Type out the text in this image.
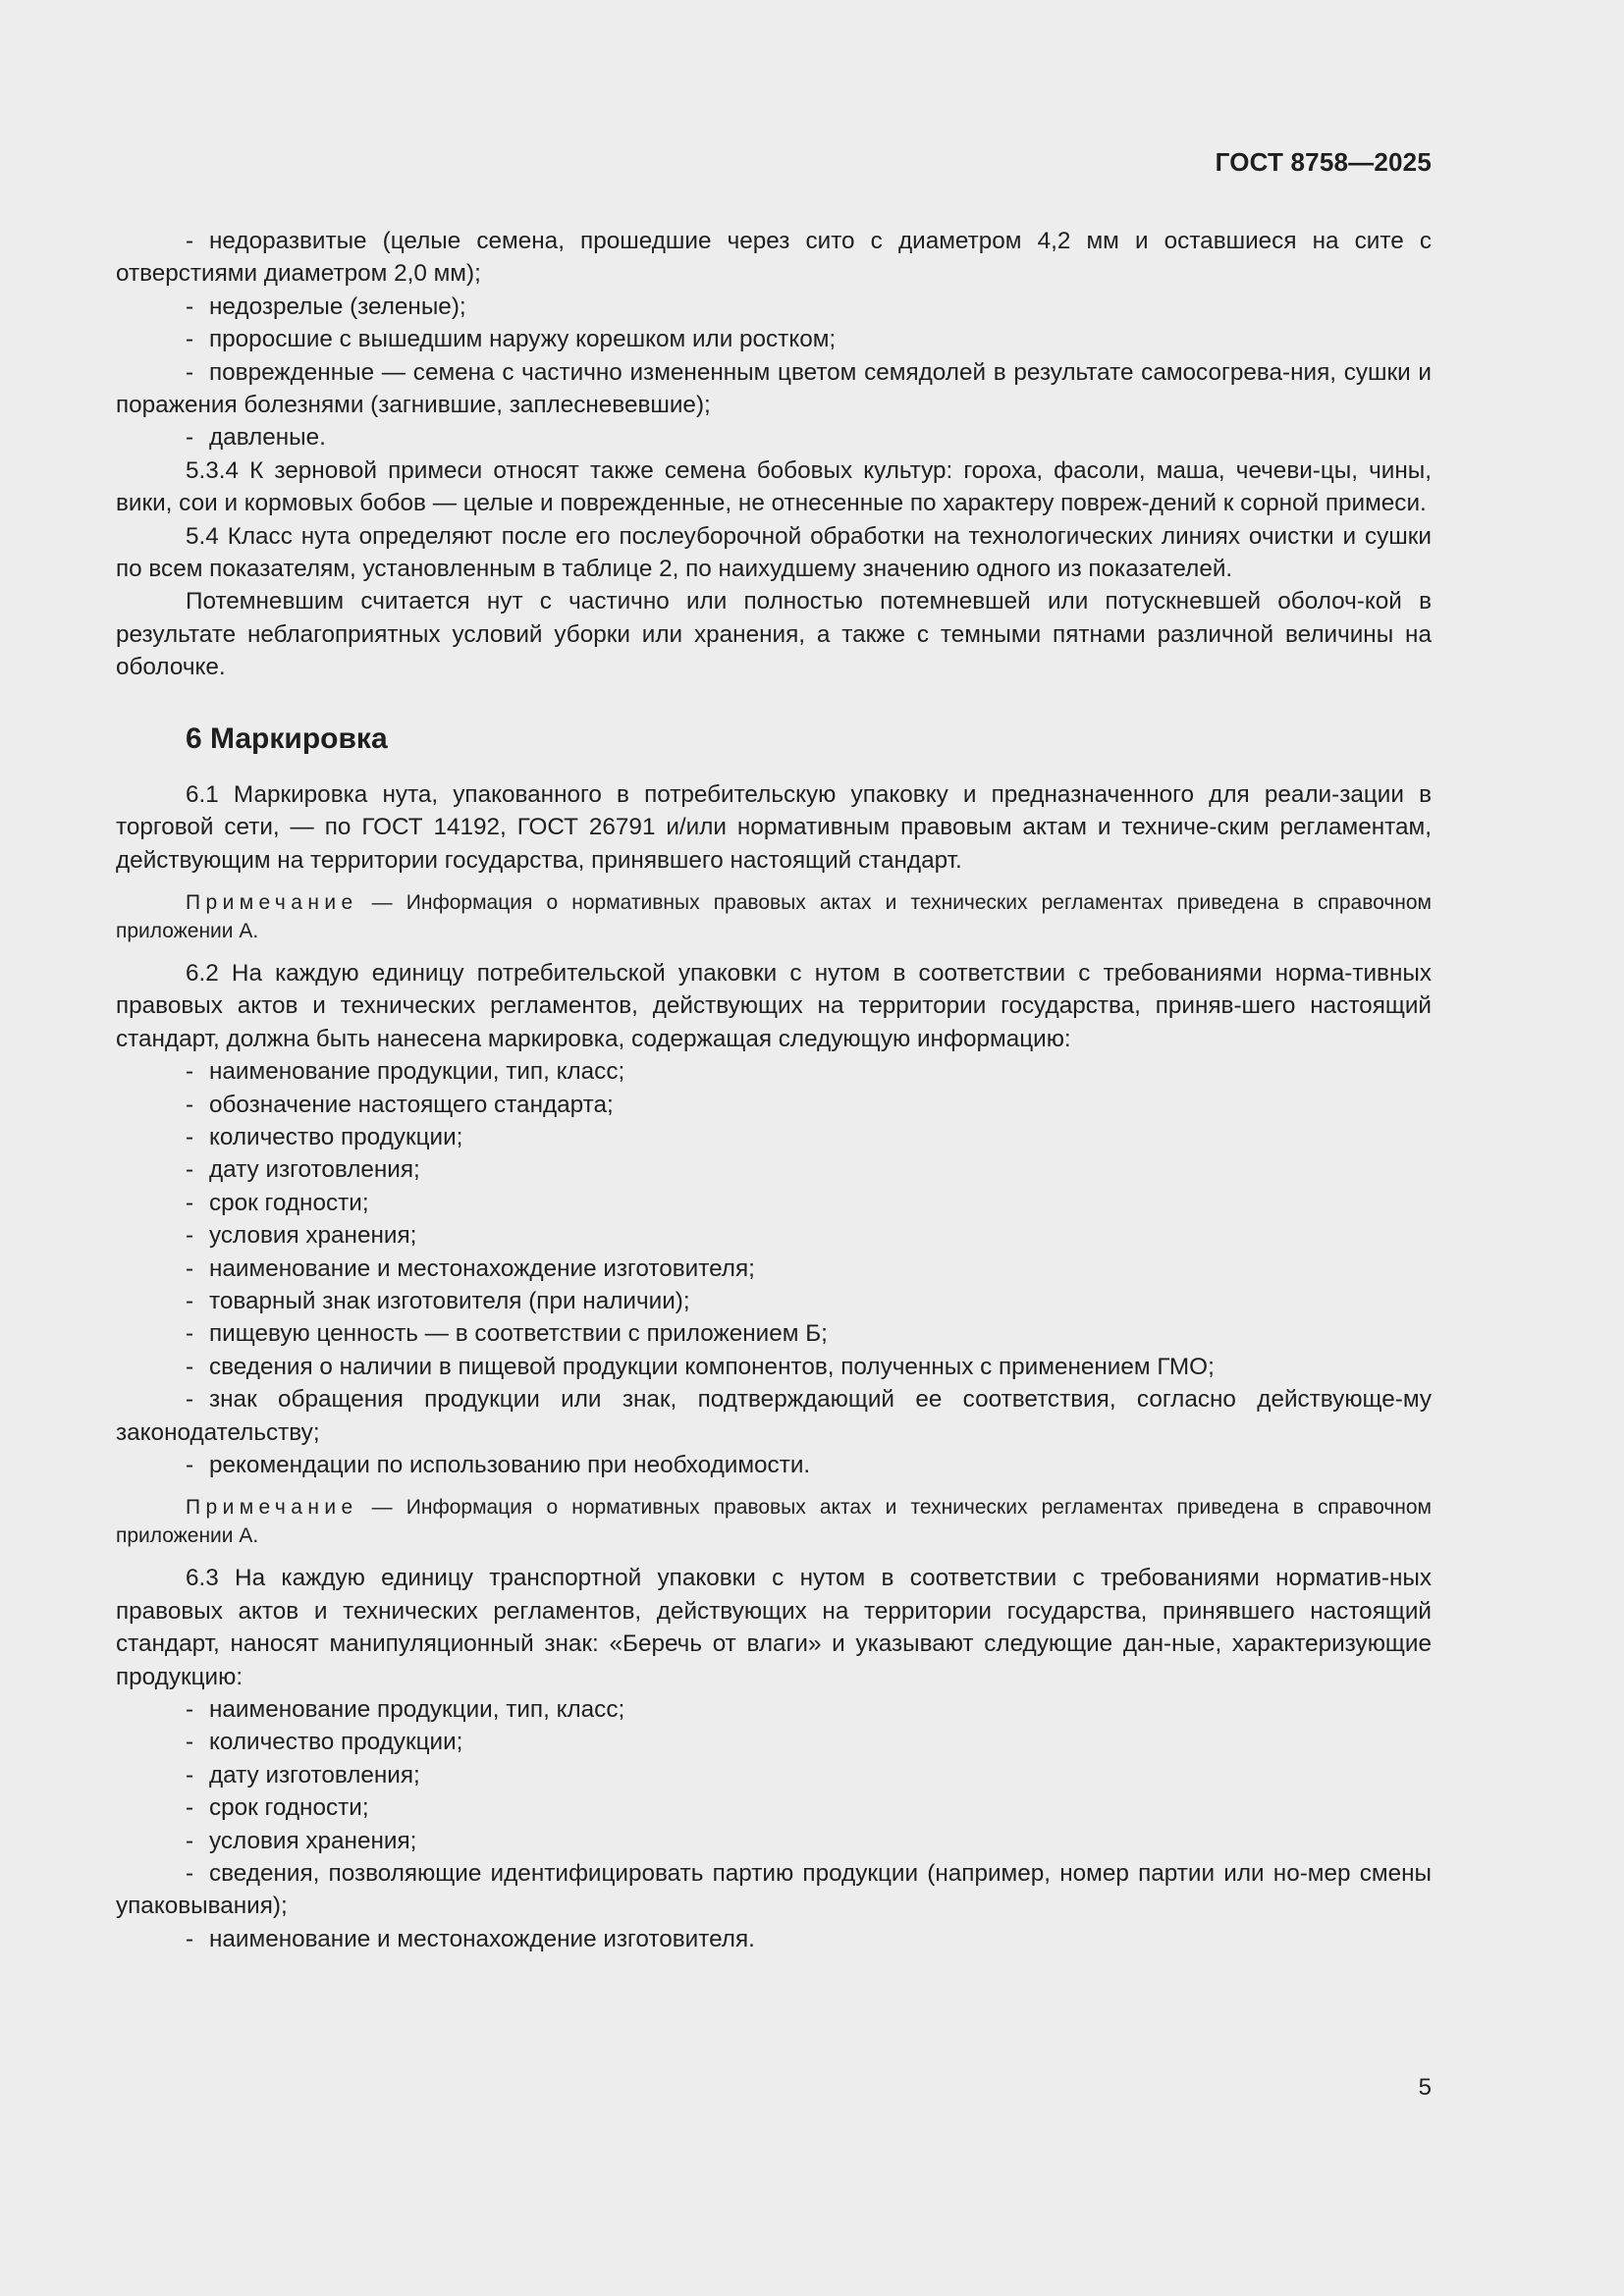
ГОСТ 8758—2025

- недоразвитые (целые семена, прошедшие через сито с диаметром 4,2 мм и оставшиеся на сите с отверстиями диаметром 2,0 мм);

- недозрелые (зеленые);

- проросшие с вышедшим наружу корешком или ростком;

- поврежденные — семена с частично измененным цветом семядолей в результате самосогрева-ния, сушки и поражения болезнями (загнившие, заплесневевшие);

- давленые.

5.3.4 К зерновой примеси относят также семена бобовых культур: гороха, фасоли, маша, чечеви-цы, чины, вики, сои и кормовых бобов — целые и поврежденные, не отнесенные по характеру повреж-дений к сорной примеси.

5.4 Класс нута определяют после его послеуборочной обработки на технологических линиях очистки и сушки по всем показателям, установленным в таблице 2, по наихудшему значению одного из показателей.

Потемневшим считается нут с частично или полностью потемневшей или потускневшей оболоч-кой в результате неблагоприятных условий уборки или хранения, а также с темными пятнами различной величины на оболочке.

6 Маркировка

6.1 Маркировка нута, упакованного в потребительскую упаковку и предназначенного для реали-зации в торговой сети, — по ГОСТ 14192, ГОСТ 26791 и/или нормативным правовым актам и техниче-ским регламентам, действующим на территории государства, принявшего настоящий стандарт.

Примечание — Информация о нормативных правовых актах и технических регламентах приведена в справочном приложении А.

6.2 На каждую единицу потребительской упаковки с нутом в соответствии с требованиями норма-тивных правовых актов и технических регламентов, действующих на территории государства, приняв-шего настоящий стандарт, должна быть нанесена маркировка, содержащая следующую информацию:

- наименование продукции, тип, класс;

- обозначение настоящего стандарта;

- количество продукции;

- дату изготовления;

- срок годности;

- условия хранения;

- наименование и местонахождение изготовителя;

- товарный знак изготовителя (при наличии);

- пищевую ценность — в соответствии с приложением Б;

- сведения о наличии в пищевой продукции компонентов, полученных с применением ГМО;

- знак обращения продукции или знак, подтверждающий ее соответствия, согласно действующе-му законодательству;

- рекомендации по использованию при необходимости.

Примечание — Информация о нормативных правовых актах и технических регламентах приведена в справочном приложении А.

6.3 На каждую единицу транспортной упаковки с нутом в соответствии с требованиями норматив-ных правовых актов и технических регламентов, действующих на территории государства, принявшего настоящий стандарт, наносят манипуляционный знак: «Беречь от влаги» и указывают следующие дан-ные, характеризующие продукцию:

- наименование продукции, тип, класс;

- количество продукции;

- дату изготовления;

- срок годности;

- условия хранения;

- сведения, позволяющие идентифицировать партию продукции (например, номер партии или но-мер смены упаковывания);

- наименование и местонахождение изготовителя.

5
